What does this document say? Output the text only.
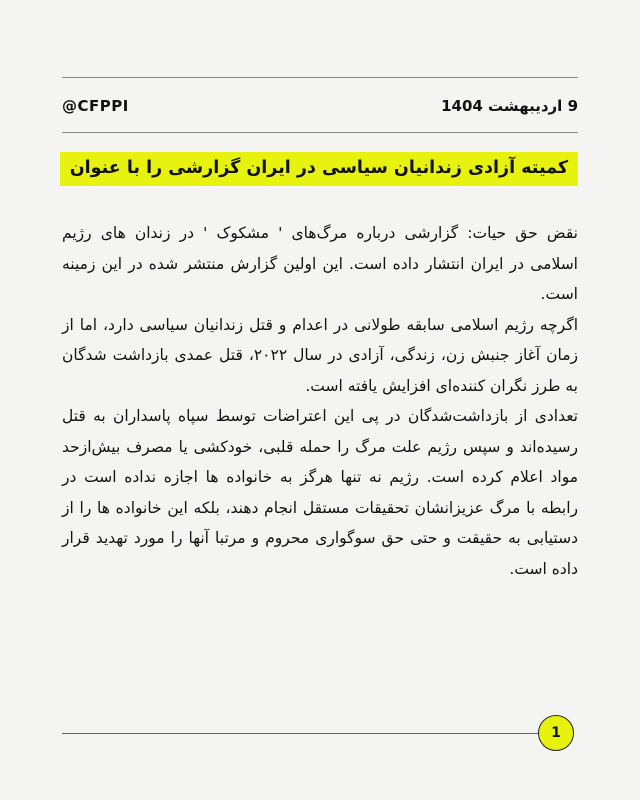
@CFPPI	9 اردیبهشت 1404
کمیته آزادی زندانیان سیاسی در ایران گزارشی را با عنوان

نقض حق حیات: گزارشی درباره مرگ‌های ' مشکوک ' در زندان های رژیم اسلامی در ایران انتشار داده است. این اولین گزارش منتشر شده در این زمینه است.

اگرچه رژیم اسلامی سابقه طولانی در اعدام و قتل زندانیان سیاسی دارد، اما از زمان آغاز جنبش زن، زندگی، آزادی در سال ۲۰۲۲، قتل عمدی بازداشت شدگان به طرز نگران کننده‌ای افزایش یافته است.

تعدادی از بازداشت‌شدگان در پی این اعتراضات توسط سپاه پاسداران به قتل رسیده‌اند و سپس رژیم علت مرگ را حمله قلبی، خودکشی یا مصرف بیش‌ازحد مواد اعلام کرده است. رژیم نه تنها هرگز به خانواده ها اجازه نداده است در رابطه با مرگ عزیزانشان تحقیقات مستقل انجام دهند، بلکه این خانواده ها را از دستیابی به حقیقت و حتی حق سوگواری محروم و مرتبا آنها را مورد تهدید قرار داده است.

1
